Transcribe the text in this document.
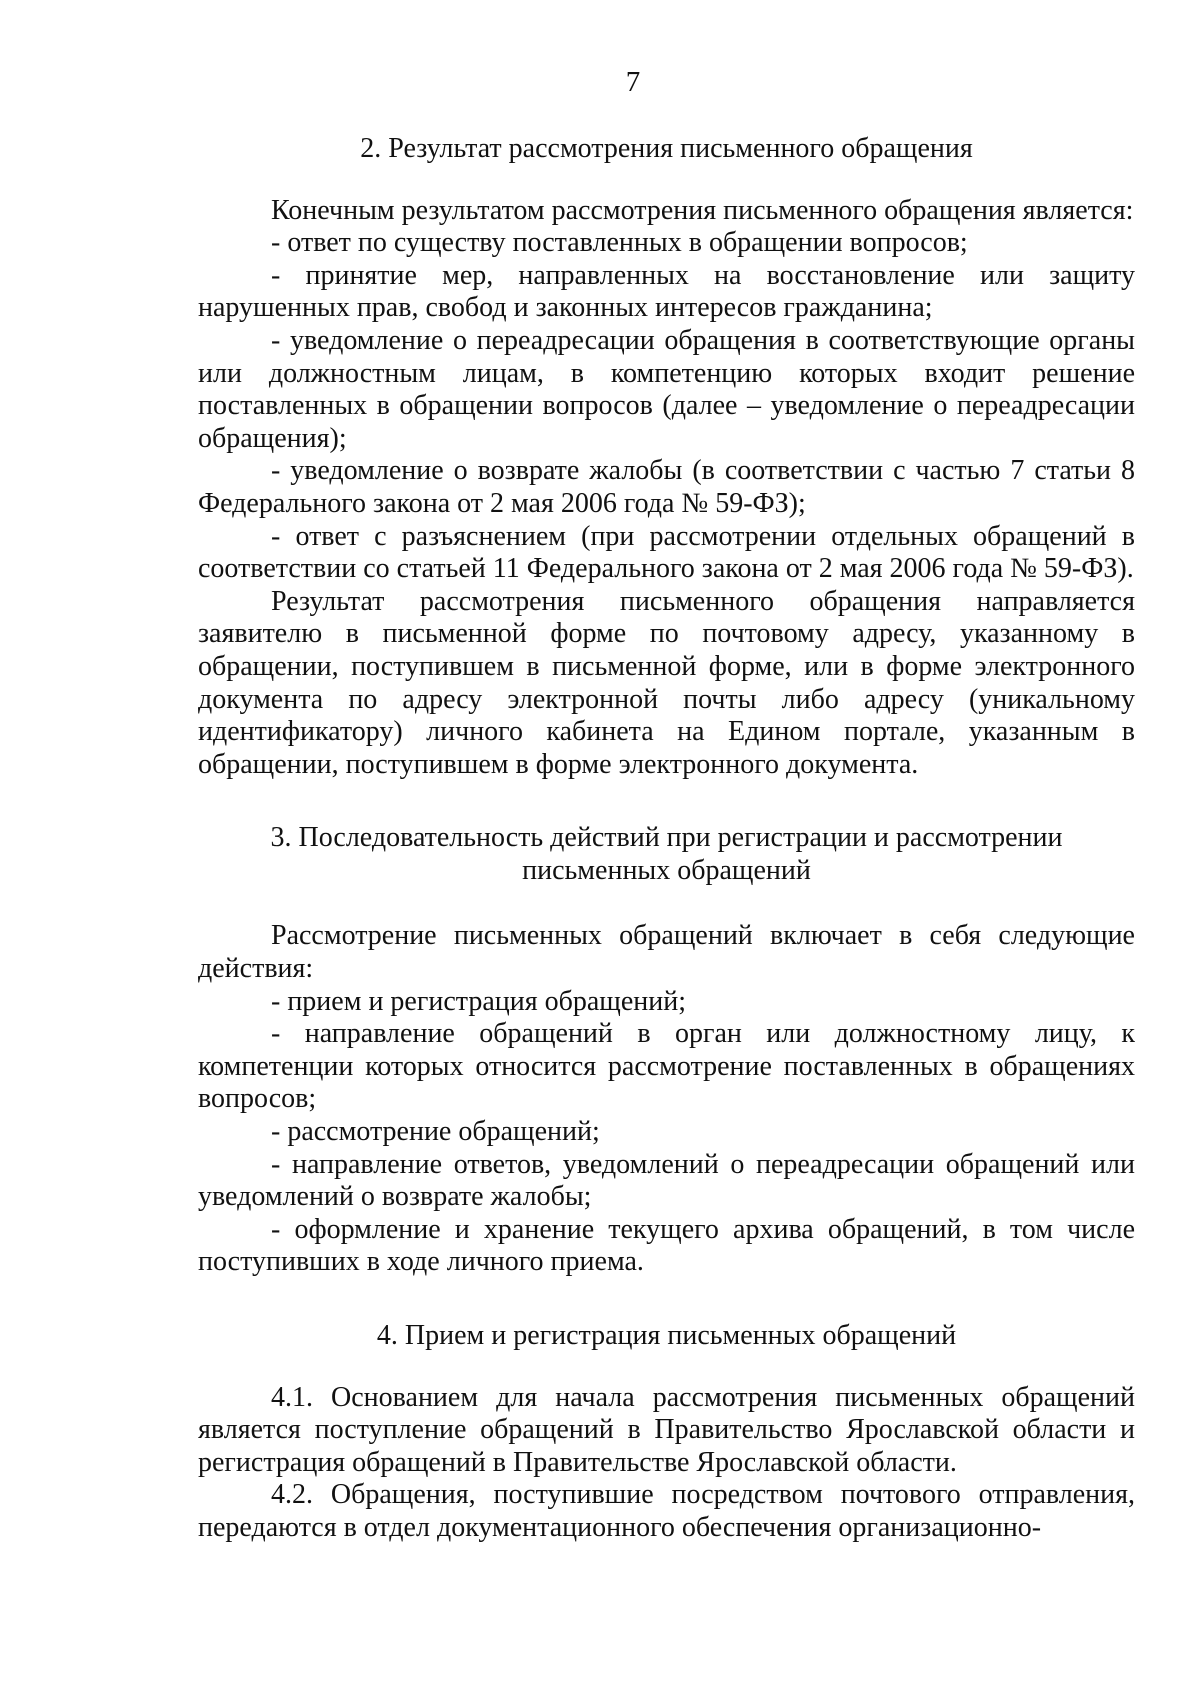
7
2. Результат рассмотрения письменного обращения

Конечным результатом рассмотрения письменного обращения является:

- ответ по существу поставленных в обращении вопросов;

- принятие мер, направленных на восстановление или защиту нарушенных прав, свобод и законных интересов гражданина;

- уведомление о переадресации обращения в соответствующие органы или должностным лицам, в компетенцию которых входит решение поставленных в обращении вопросов (далее – уведомление о переадресации обращения);

- уведомление о возврате жалобы (в соответствии с частью 7 статьи 8 Федерального закона от 2 мая 2006 года № 59-ФЗ);

- ответ с разъяснением (при рассмотрении отдельных обращений в соответствии со статьей 11 Федерального закона от 2 мая 2006 года № 59-ФЗ).

Результат рассмотрения письменного обращения направляется заявителю в письменной форме по почтовому адресу, указанному в обращении, поступившем в письменной форме, или в форме электронного документа по адресу электронной почты либо адресу (уникальному идентификатору) личного кабинета на Едином портале, указанным в обращении, поступившем в форме электронного документа.

3. Последовательность действий при регистрации и рассмотрении
письменных обращений

Рассмотрение письменных обращений включает в себя следующие действия:

- прием и регистрация обращений;

- направление обращений в орган или должностному лицу, к компетенции которых относится рассмотрение поставленных в обращениях вопросов;

- рассмотрение обращений;

- направление ответов, уведомлений о переадресации обращений или уведомлений о возврате жалобы;

- оформление и хранение текущего архива обращений, в том числе поступивших в ходе личного приема.

4. Прием и регистрация письменных обращений

4.1. Основанием для начала рассмотрения письменных обращений является поступление обращений в Правительство Ярославской области и регистрация обращений в Правительстве Ярославской области.

4.2. Обращения, поступившие посредством почтового отправления, передаются в отдел документационного обеспечения организационно-
